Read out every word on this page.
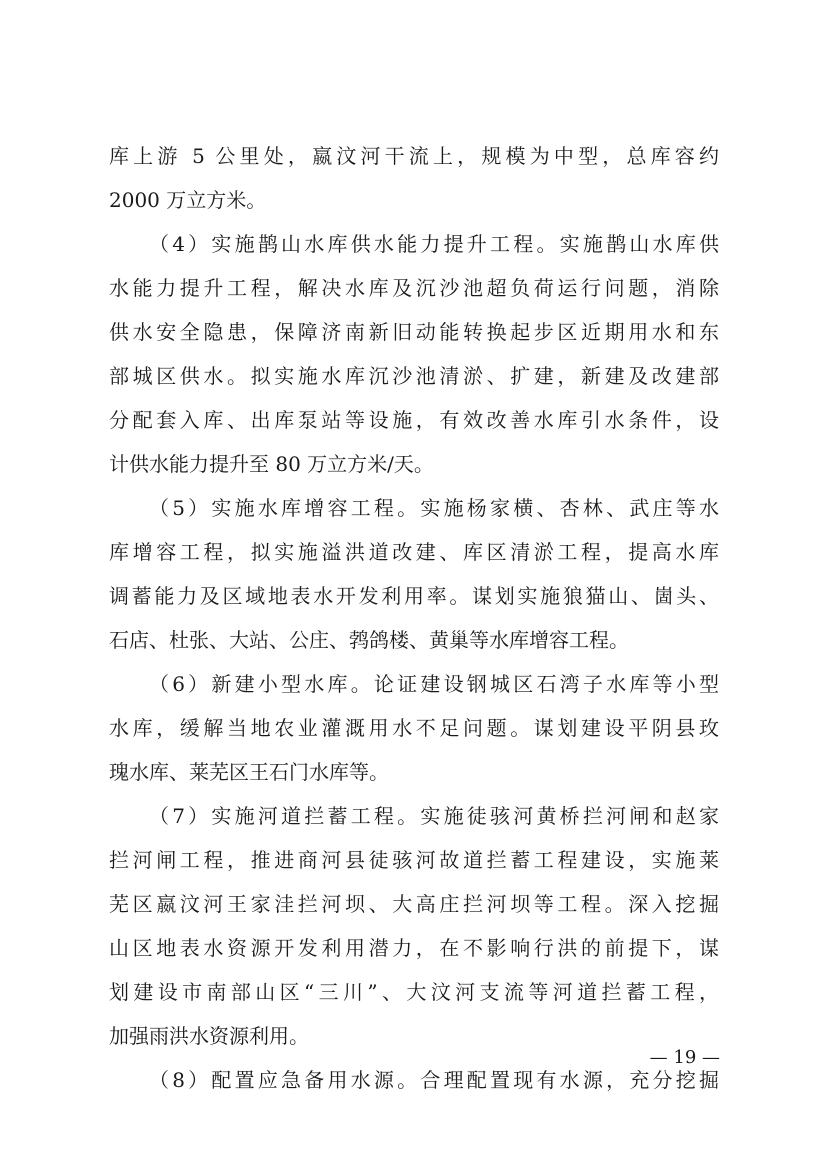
库上游 5 公里处，嬴汶河干流上，规模为中型，总库容约
2000 万立方米。
（4）实施鹊山水库供水能力提升工程。实施鹊山水库供
水能力提升工程，解决水库及沉沙池超负荷运行问题，消除
供水安全隐患，保障济南新旧动能转换起步区近期用水和东
部城区供水。拟实施水库沉沙池清淤、扩建，新建及改建部
分配套入库、出库泵站等设施，有效改善水库引水条件，设
计供水能力提升至 80 万立方米/天。
（5）实施水库增容工程。实施杨家横、杏林、武庄等水
库增容工程，拟实施溢洪道改建、库区清淤工程，提高水库
调蓄能力及区域地表水开发利用率。谋划实施狼猫山、崮头、
石店、杜张、大站、公庄、鹁鸽楼、黄巢等水库增容工程。
（6）新建小型水库。论证建设钢城区石湾子水库等小型
水库，缓解当地农业灌溉用水不足问题。谋划建设平阴县玫
瑰水库、莱芜区王石门水库等。
（7）实施河道拦蓄工程。实施徒骇河黄桥拦河闸和赵家
拦河闸工程，推进商河县徒骇河故道拦蓄工程建设，实施莱
芜区嬴汶河王家洼拦河坝、大高庄拦河坝等工程。深入挖掘
山区地表水资源开发利用潜力，在不影响行洪的前提下，谋
划建设市南部山区“三川”、大汶河支流等河道拦蓄工程，
加强雨洪水资源利用。
（8）配置应急备用水源。合理配置现有水源，充分挖掘
— 19 —
